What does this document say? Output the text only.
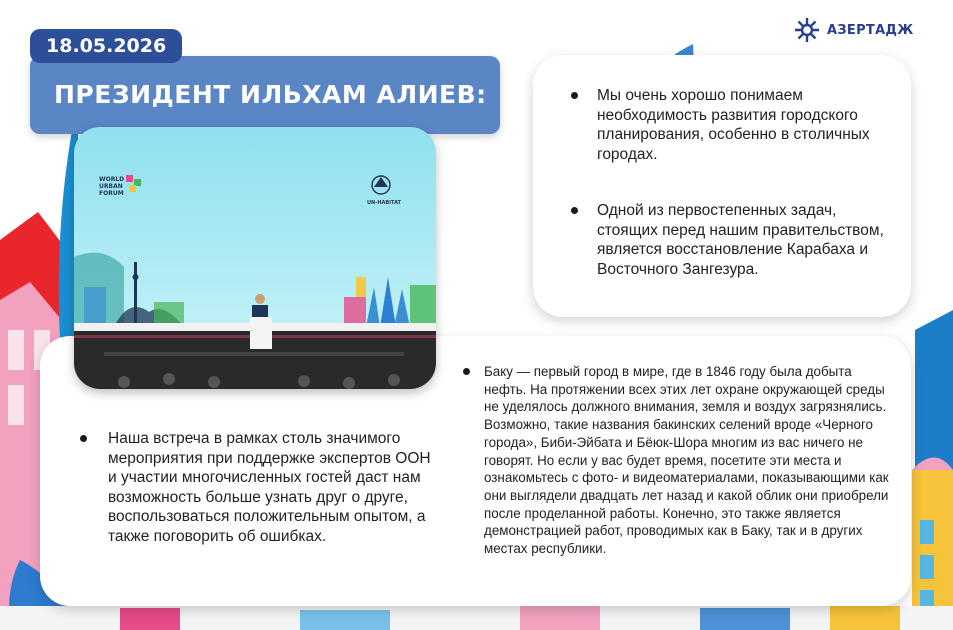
АЗЕРТАДЖ
ПРЕЗИДЕНТ ИЛЬХАМ АЛИЕВ:
18.05.2026
Мы очень хорошо понимаем необходимость развития городского планирования, особенно в столичных городах.
Одной из первостепенных задач, стоящих перед нашим правительством, является восстановление Карабаха и Восточного Зангезура.
Наша встреча в рамках столь значимого мероприятия при поддержке экспертов ООН и участии многочисленных гостей даст нам возможность больше узнать друг о друге, воспользоваться положительным опытом, а также поговорить об ошибках.
Баку — первый город в мире, где в 1846 году была добыта нефть. На протяжении всех этих лет охране окружающей среды не уделялось должного внимания, земля и воздух загрязнялись. Возможно, такие названия бакинских селений вроде «Черного города», Биби-Эйбата и Бёюк-Шора многим из вас ничего не говорят. Но если у вас будет время, посетите эти места и ознакомьтесь с фото- и видеоматериалами, показывающими как они выглядели двадцать лет назад и какой облик они приобрели после проделанной работы. Конечно, это также является демонстрацией работ, проводимых как в Баку, так и в других местах республики.
WORLD
URBAN
FORUM
UN-HABITAT
